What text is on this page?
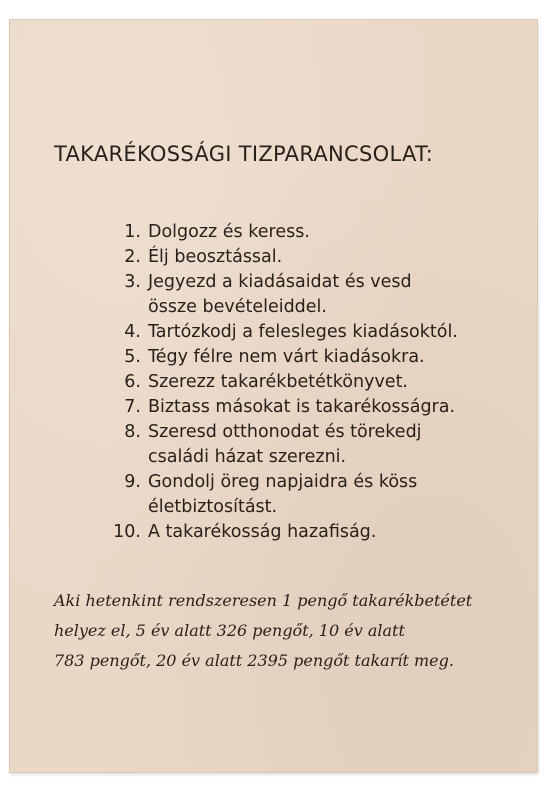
TAKARÉKOSSÁGI TIZPARANCSOLAT:
1. Dolgozz és keress.
2. Élj beosztással.
3. Jegyezd a kiadásaidat és vesd
össze bevételeiddel.
4. Tartózkodj a felesleges kiadásoktól.
5. Tégy félre nem várt kiadásokra.
6. Szerezz takarékbetétkönyvet.
7. Biztass másokat is takarékosságra.
8. Szeresd otthonodat és törekedj
családi házat szerezni.
9. Gondolj öreg napjaidra és köss
életbiztosítást.
10. A takarékosság hazafiság.

Aki hetenkint rendszeresen 1 pengő takarékbetétet
helyez el, 5 év alatt 326 pengőt, 10 év alatt
783 pengőt, 20 év alatt 2395 pengőt takarít meg.
